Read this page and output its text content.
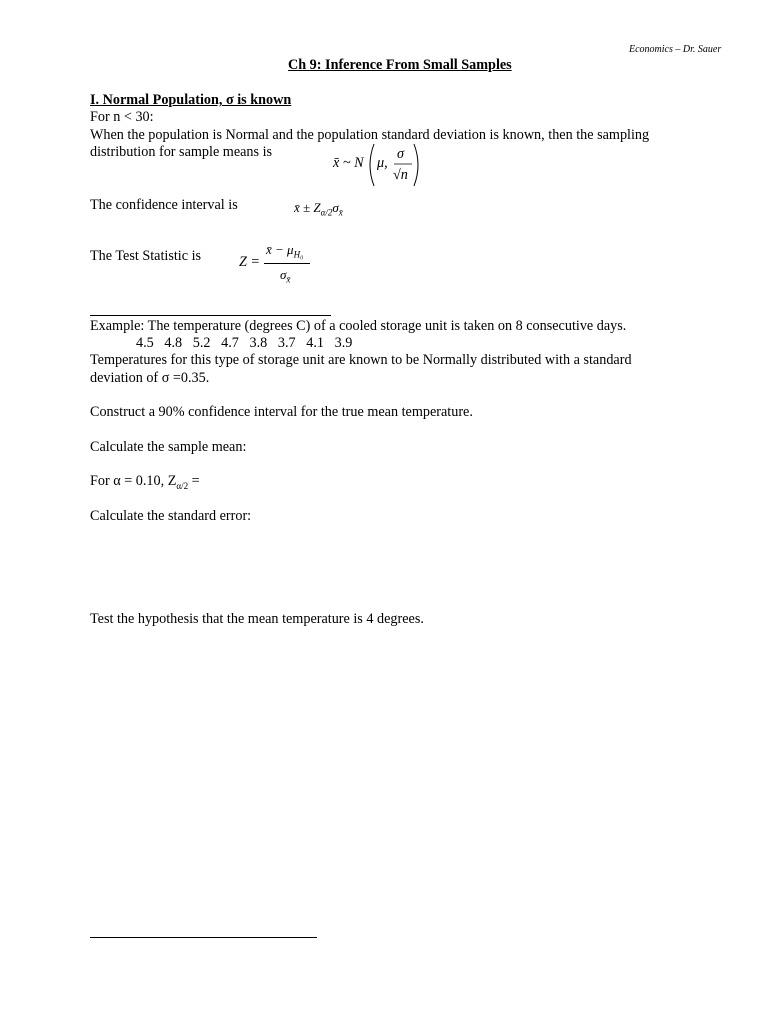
Economics – Dr. Sauer
Ch 9: Inference From Small Samples
I. Normal Population, σ is known
For n < 30:
When the population is Normal and the population standard deviation is known, then the sampling
distribution for sample means is
x̄ ~ N μ,
σ
√n
The confidence interval is	x̄ ± $Z_{\alpha/2}\sigma_{x̄}$
The Test Statistic is	Z =
x̄ − $\mu_{H_0}$
$\sigma_{x̄}$
Example: The temperature (degrees C) of a cooled storage unit is taken on 8 consecutive days.
4.5   4.8   5.2   4.7   3.8   3.7   4.1   3.9
Temperatures for this type of storage unit are known to be Normally distributed with a standard
deviation of σ =0.35.
Construct a 90% confidence interval for the true mean temperature.
Calculate the sample mean:
For α = 0.10, $Z_{\alpha/2}$ =
Calculate the standard error:
Test the hypothesis that the mean temperature is 4 degrees.
